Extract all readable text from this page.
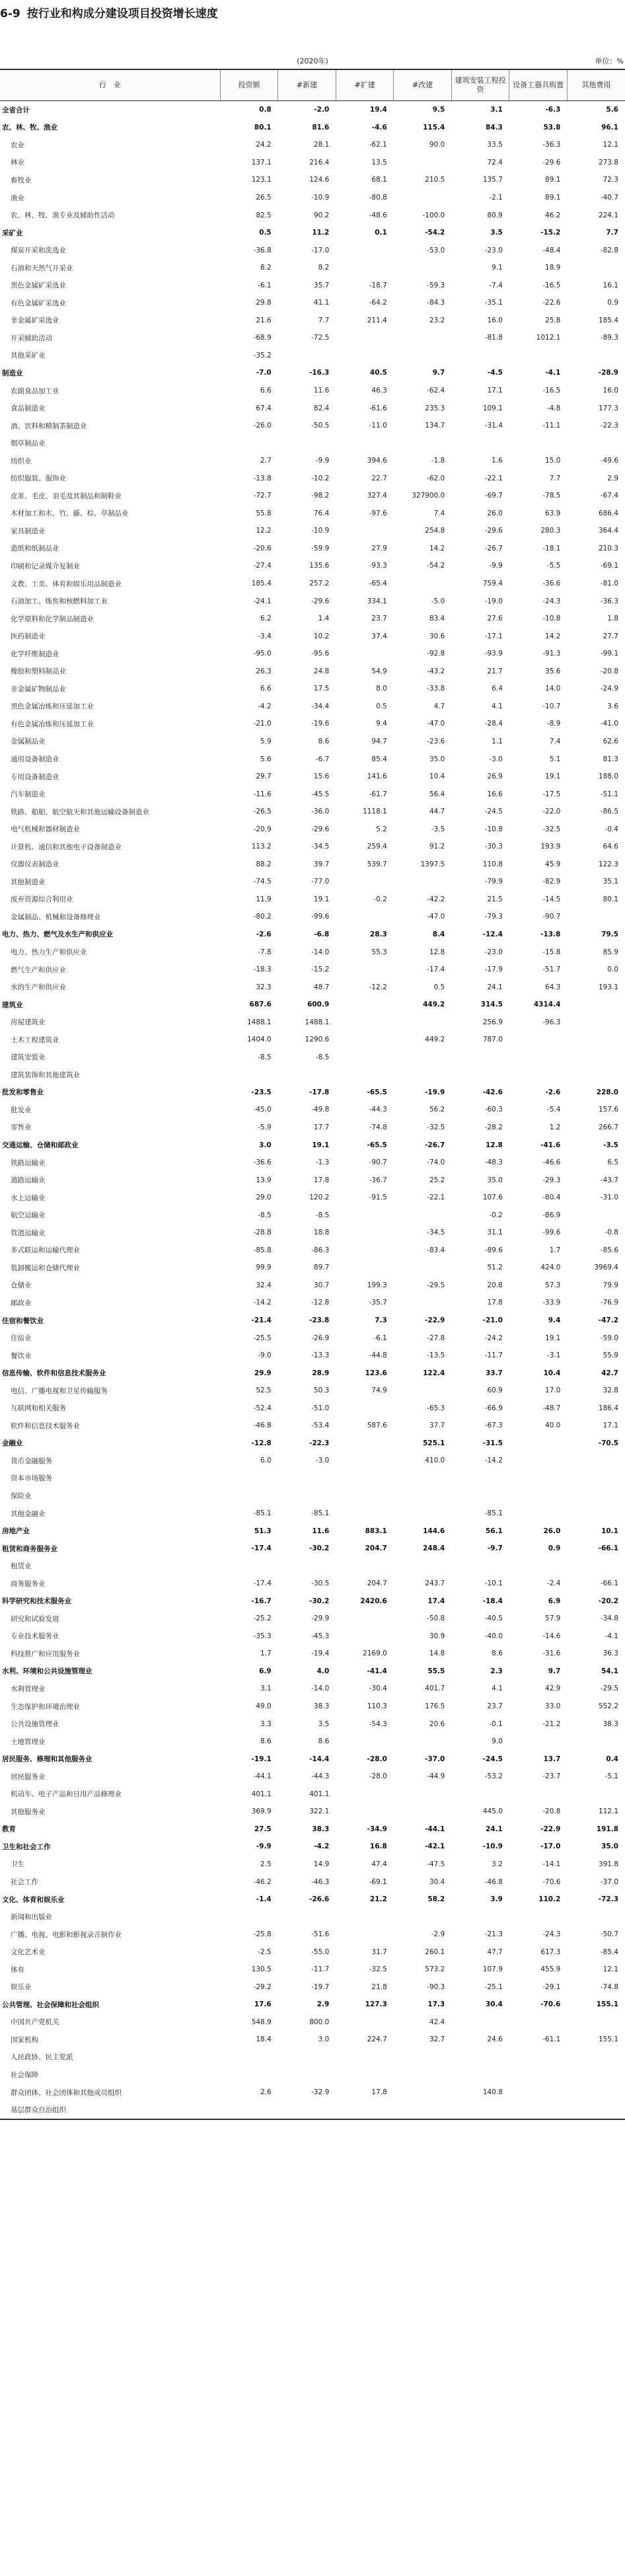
6-9 按行业和构成分建设项目投资增长速度
(2020年)	单位：%
行　业	投资额	#新建	#扩建	#改建	建筑安装工程投资	设备工器具购置	其他费用
全省合计	0.8	-2.0	19.4	9.5	3.1	-6.3	5.6
农、林、牧、渔业	80.1	81.6	-4.6	115.4	84.3	53.8	96.1
农业	24.2	28.1	-62.1	90.0	33.5	-36.3	12.1
林业	137.1	216.4	13.5		72.4	-29.6	273.8
畜牧业	123.1	124.6	68.1	210.5	135.7	89.1	72.3
渔业	26.5	-10.9	-80.8		-2.1	89.1	-40.7
农、林、牧、渔专业及辅助性活动	82.5	90.2	-48.6	-100.0	80.9	46.2	224.1
采矿业	0.5	11.2	0.1	-54.2	3.5	-15.2	7.7
煤炭开采和洗选业	-36.8	-17.0		-53.0	-23.0	-48.4	-82.8
石油和天然气开采业	8.2	8.2			9.1	18.9	
黑色金属矿采选业	-6.1	35.7	-18.7	-59.3	-7.4	-16.5	16.1
有色金属矿采选业	29.8	41.1	-64.2	-84.3	-35.1	-22.6	0.9
非金属矿采选业	21.6	7.7	211.4	23.2	16.0	25.8	185.4
开采辅助活动	-68.9	-72.5			-81.8	1012.1	-89.3
其他采矿业	-35.2						
制造业	-7.0	-16.3	40.5	9.7	-4.5	-4.1	-28.9
农副食品加工业	6.6	11.6	46.3	-62.4	17.1	-16.5	16.0
食品制造业	67.4	82.4	-61.6	235.3	109.1	-4.8	177.3
酒、饮料和精制茶制造业	-26.0	-50.5	-11.0	134.7	-31.4	-11.1	-22.3
烟草制品业							
纺织业	2.7	-9.9	394.6	-1.8	1.6	15.0	-49.6
纺织服装、服饰业	-13.8	-10.2	22.7	-62.0	-22.1	7.7	2.9
皮革、毛皮、羽毛及其制品和制鞋业	-72.7	-98.2	327.4	327900.0	-69.7	-78.5	-67.4
木材加工和木、竹、藤、棕、草制品业	55.8	76.4	-97.6	7.4	26.0	63.9	686.4
家具制造业	12.2	-10.9		254.8	-29.6	280.3	364.4
造纸和纸制品业	-20.6	-59.9	27.9	14.2	-26.7	-18.1	210.3
印刷和记录媒介复制业	-27.4	135.6	-93.3	-54.2	-9.9	-5.5	-69.1
文教、工美、体育和娱乐用品制造业	185.4	257.2	-65.4		759.4	-36.6	-81.0
石油加工、炼焦和核燃料加工业	-24.1	-29.6	334.1	-5.0	-19.0	-24.3	-36.3
化学原料和化学制品制造业	6.2	1.4	23.7	83.4	27.6	-10.8	1.8
医药制造业	-3.4	10.2	37.4	30.6	-17.1	14.2	27.7
化学纤维制造业	-95.0	-95.6		-92.8	-93.9	-91.3	-99.1
橡胶和塑料制品业	26.3	24.8	54.9	-43.2	21.7	35.6	-20.8
非金属矿物制品业	6.6	17.5	8.0	-33.8	6.4	14.0	-24.9
黑色金属冶炼和压延加工业	-4.2	-34.4	0.5	4.7	4.1	-10.7	3.6
有色金属冶炼和压延加工业	-21.0	-19.6	9.4	-47.0	-28.4	-8.9	-41.0
金属制品业	5.9	8.6	94.7	-23.6	1.1	7.4	62.6
通用设备制造业	5.6	-6.7	85.4	35.0	-3.0	5.1	81.3
专用设备制造业	29.7	15.6	141.6	10.4	26.9	19.1	188.0
汽车制造业	-11.6	-45.5	-61.7	56.4	16.6	-17.5	-51.1
铁路、船舶、航空航天和其他运输设备制造业	-26.5	-36.0	1118.1	44.7	-24.5	-22.0	-86.5
电气机械和器材制造业	-20.9	-29.6	5.2	-3.5	-10.8	-32.5	-0.4
计算机、通信和其他电子设备制造业	113.2	-34.5	259.4	91.2	-30.3	193.9	64.6
仪器仪表制造业	88.2	39.7	539.7	1397.5	110.8	45.9	122.3
其他制造业	-74.5	-77.0			-79.9	-82.9	35.1
废弃资源综合利用业	11.9	19.1	-0.2	-42.2	21.5	-14.5	80.1
金属制品、机械和设备修理业	-80.2	-99.6		-47.0	-79.3	-90.7	
电力、热力、燃气及水生产和供应业	-2.6	-6.8	28.3	8.4	-12.4	-13.8	79.5
电力、热力生产和供应业	-7.8	-14.0	55.3	12.8	-23.0	-15.8	85.9
燃气生产和供应业	-18.3	-15.2		-17.4	-17.9	-51.7	0.0
水的生产和供应业	32.3	48.7	-12.2	0.5	24.1	64.3	193.1
建筑业	687.6	600.9		449.2	314.5	4314.4	
房屋建筑业	1488.1	1488.1			256.9	-96.3	
土木工程建筑业	1404.0	1290.6		449.2	787.0		
建筑安装业	-8.5	-8.5					
建筑装饰和其他建筑业							
批发和零售业	-23.5	-17.8	-65.5	-19.9	-42.6	-2.6	228.0
批发业	-45.0	-49.8	-44.3	56.2	-60.3	-5.4	157.6
零售业	-5.9	17.7	-74.8	-32.5	-28.2	1.2	266.7
交通运输、仓储和邮政业	3.0	19.1	-65.5	-26.7	12.8	-41.6	-3.5
铁路运输业	-36.6	-1.3	-90.7	-74.0	-48.3	-46.6	6.5
道路运输业	13.9	17.8	-36.7	25.2	35.0	-29.3	-43.7
水上运输业	29.0	120.2	-91.5	-22.1	107.6	-80.4	-31.0
航空运输业	-8.5	-8.5			-0.2	-86.9	
管道运输业	-28.8	18.8		-34.5	31.1	-99.6	-0.8
多式联运和运输代理业	-85.8	-86.3		-83.4	-89.6	1.7	-85.6
装卸搬运和仓储代理业	99.9	89.7			51.2	424.0	3969.4
仓储业	32.4	30.7	199.3	-29.5	20.8	57.3	79.9
邮政业	-14.2	-12.8	-35.7		17.8	-33.9	-76.9
住宿和餐饮业	-21.4	-23.8	7.3	-22.9	-21.0	9.4	-47.2
住宿业	-25.5	-26.9	-6.1	-27.8	-24.2	19.1	-59.0
餐饮业	-9.0	-13.3	-44.8	-13.5	-11.7	-3.1	55.9
信息传输、软件和信息技术服务业	29.9	28.9	123.6	122.4	33.7	10.4	42.7
电信、广播电视和卫星传输服务	52.5	50.3	74.9		60.9	17.0	32.8
互联网和相关服务	-52.4	-51.0		-65.3	-66.9	-48.7	186.4
软件和信息技术服务业	-46.8	-53.4	587.6	37.7	-67.3	40.0	17.1
金融业	-12.8	-22.3		525.1	-31.5		-70.5
货币金融服务	6.0	-3.0		410.0	-14.2		
资本市场服务							
保险业							
其他金融业	-85.1	-85.1			-85.1		
房地产业	51.3	11.6	883.1	144.6	56.1	26.0	10.1
租赁和商务服务业	-17.4	-30.2	204.7	248.4	-9.7	0.9	-66.1
租赁业							
商务服务业	-17.4	-30.5	204.7	243.7	-10.1	-2.4	-66.1
科学研究和技术服务业	-16.7	-30.2	2420.6	17.4	-18.4	6.9	-20.2
研究和试验发展	-25.2	-29.9		-50.8	-40.5	57.9	-34.8
专业技术服务业	-35.3	-45.3		30.9	-40.0	-14.6	-4.1
科技推广和应用服务业	1.7	-19.4	2169.0	14.8	8.6	-31.6	36.3
水利、环境和公共设施管理业	6.9	4.0	-41.4	55.5	2.3	9.7	54.1
水利管理业	3.1	-14.0	-30.4	401.7	4.1	42.9	-29.5
生态保护和环境治理业	49.0	38.3	110.3	176.5	23.7	33.0	552.2
公共设施管理业	3.3	3.5	-54.3	20.6	-0.1	-21.2	38.3
土地管理业	8.6	8.6			9.0		
居民服务、修理和其他服务业	-19.1	-14.4	-28.0	-37.0	-24.5	13.7	0.4
居民服务业	-44.1	-44.3	-28.0	-44.9	-53.2	-23.7	-5.1
机动车、电子产品和日用产品修理业	401.1	401.1					
其他服务业	369.9	322.1			445.0	-20.8	112.1
教育	27.5	38.3	-34.9	-44.1	24.1	-22.9	191.8
卫生和社会工作	-9.9	-4.2	16.8	-42.1	-10.9	-17.0	35.0
卫生	2.5	14.9	47.4	-47.5	3.2	-14.1	391.8
社会工作	-46.2	-46.3	-69.1	30.4	-46.8	-70.6	-37.0
文化、体育和娱乐业	-1.4	-26.6	21.2	58.2	3.9	110.2	-72.3
新闻和出版业							
广播、电视、电影和影视录音制作业	-25.8	-51.6		-2.9	-21.3	-24.3	-50.7
文化艺术业	-2.5	-55.0	31.7	260.1	47.7	617.3	-85.4
体育	130.5	-11.7	-32.5	573.2	107.9	455.9	12.1
娱乐业	-29.2	-19.7	21.8	-90.3	-25.1	-29.1	-74.8
公共管理、社会保障和社会组织	17.6	2.9	127.3	17.3	30.4	-70.6	155.1
中国共产党机关	548.9	800.0		42.4			
国家机构	18.4	3.0	224.7	32.7	24.6	-61.1	155.1
人民政协、民主党派							
社会保障							
群众团体、社会团体和其他成员组织	2.6	-32.9	17.8		140.8		
基层群众自治组织							
